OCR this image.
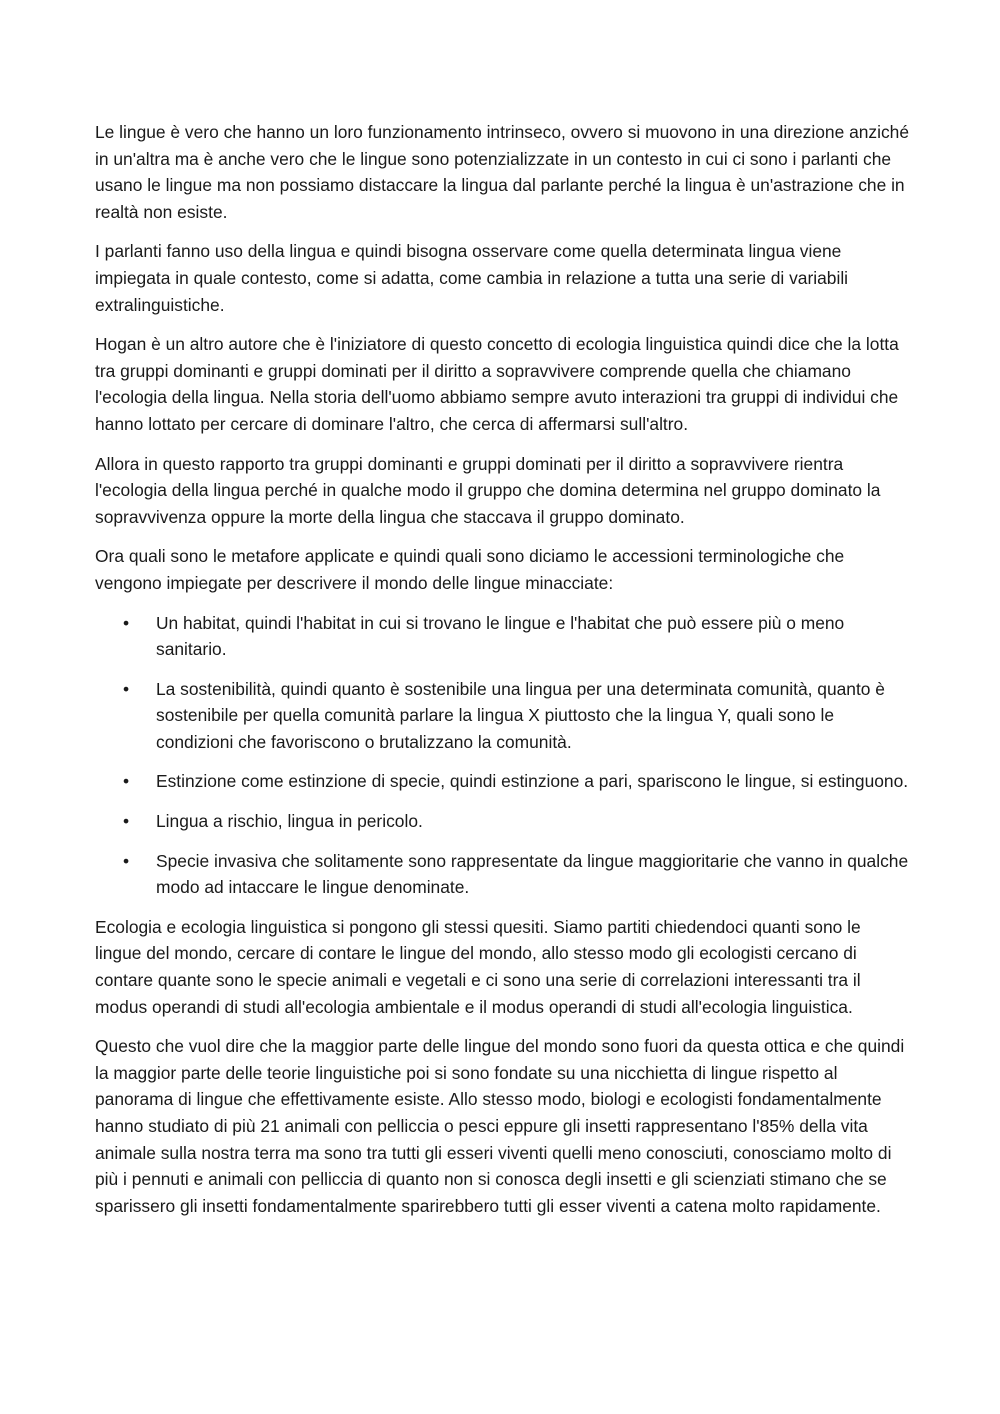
Le lingue è vero che hanno un loro funzionamento intrinseco, ovvero si muovono in una direzione anziché in un'altra ma è anche vero che le lingue sono potenzializzate in un contesto in cui ci sono i parlanti che usano le lingue ma non possiamo distaccare la lingua dal parlante perché la lingua è un'astrazione che in realtà non esiste.

I parlanti fanno uso della lingua e quindi bisogna osservare come quella determinata lingua viene impiegata in quale contesto, come si adatta, come cambia in relazione a tutta una serie di variabili extralinguistiche.

Hogan è un altro autore che è l'iniziatore di questo concetto di ecologia linguistica quindi dice che la lotta tra gruppi dominanti e gruppi dominati per il diritto a sopravvivere comprende quella che chiamano l'ecologia della lingua. Nella storia dell'uomo abbiamo sempre avuto interazioni tra gruppi di individui che hanno lottato per cercare di dominare l'altro, che cerca di affermarsi sull'altro.

Allora in questo rapporto tra gruppi dominanti e gruppi dominati per il diritto a sopravvivere rientra l'ecologia della lingua perché in qualche modo il gruppo che domina determina nel gruppo dominato la sopravvivenza oppure la morte della lingua che staccava il gruppo dominato.

Ora quali sono le metafore applicate e quindi quali sono diciamo le accessioni terminologiche che vengono impiegate per descrivere il mondo delle lingue minacciate:

• Un habitat, quindi l'habitat in cui si trovano le lingue e l'habitat che può essere più o meno sanitario.
• La sostenibilità, quindi quanto è sostenibile una lingua per una determinata comunità, quanto è sostenibile per quella comunità parlare la lingua X piuttosto che la lingua Y, quali sono le condizioni che favoriscono o brutalizzano la comunità.
• Estinzione come estinzione di specie, quindi estinzione a pari, spariscono le lingue, si estinguono.
• Lingua a rischio, lingua in pericolo.
• Specie invasiva che solitamente sono rappresentate da lingue maggioritarie che vanno in qualche modo ad intaccare le lingue denominate.

Ecologia e ecologia linguistica si pongono gli stessi quesiti. Siamo partiti chiedendoci quanti sono le lingue del mondo, cercare di contare le lingue del mondo, allo stesso modo gli ecologisti cercano di contare quante sono le specie animali e vegetali e ci sono una serie di correlazioni interessanti tra il modus operandi di studi all'ecologia ambientale e il modus operandi di studi all'ecologia linguistica.

Questo che vuol dire che la maggior parte delle lingue del mondo sono fuori da questa ottica e che quindi la maggior parte delle teorie linguistiche poi si sono fondate su una nicchietta di lingue rispetto al panorama di lingue che effettivamente esiste. Allo stesso modo, biologi e ecologisti fondamentalmente hanno studiato di più 21 animali con pelliccia o pesci eppure gli insetti rappresentano l'85% della vita animale sulla nostra terra ma sono tra tutti gli esseri viventi quelli meno conosciuti, conosciamo molto di più i pennuti e animali con pelliccia di quanto non si conosca degli insetti e gli scienziati stimano che se sparissero gli insetti fondamentalmente sparirebbero tutti gli esser viventi a catena molto rapidamente.
